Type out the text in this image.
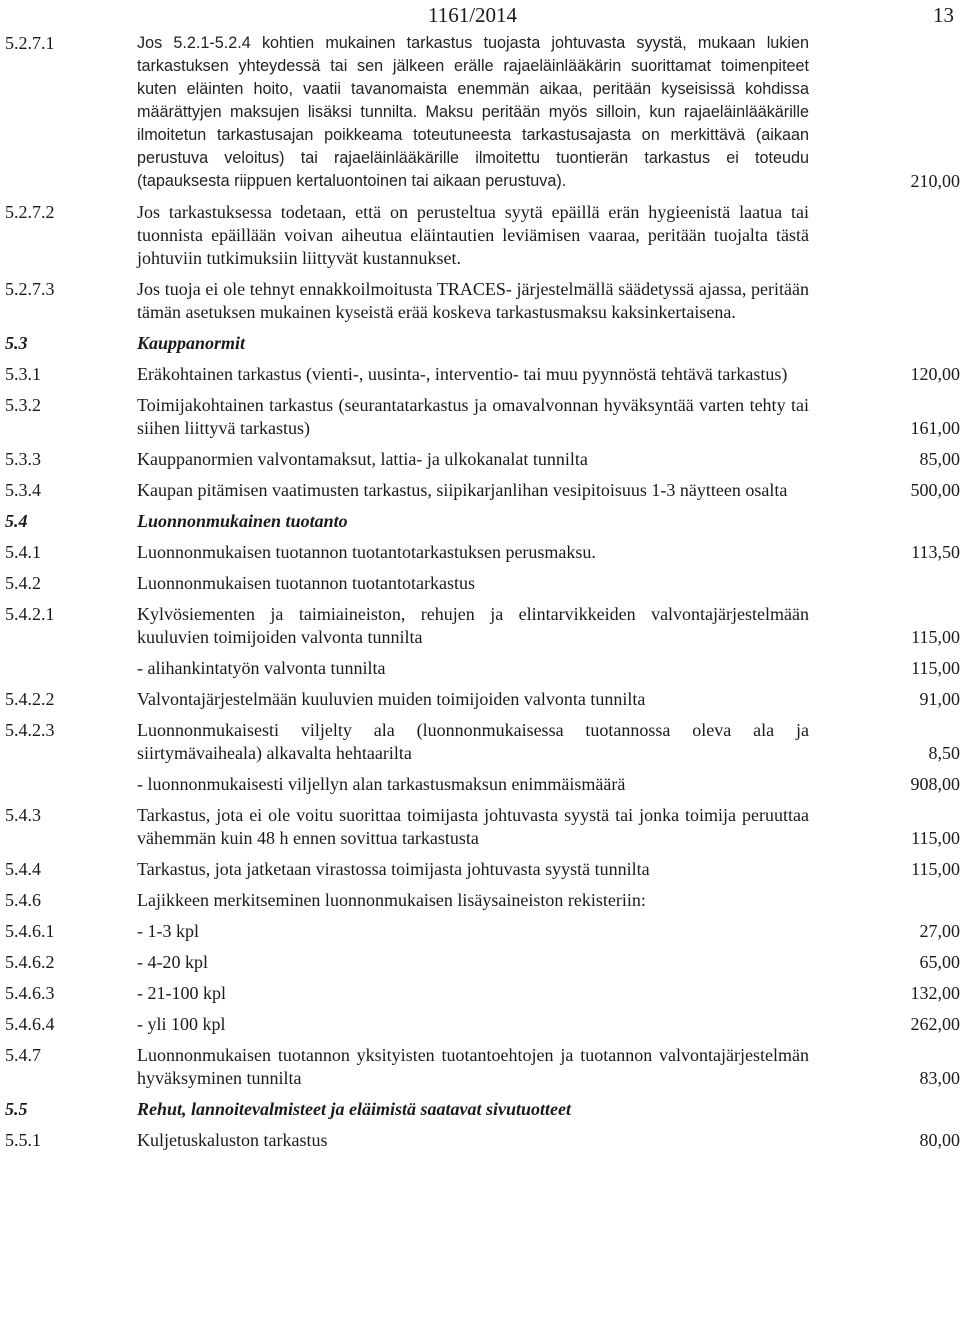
1161/2014	13
5.2.7.1	Jos 5.2.1-5.2.4 kohtien mukainen tarkastus tuojasta johtuvasta syystä, mukaan lukien tarkastuksen yhteydessä tai sen jälkeen erälle rajaeläinlääkärin suorittamat toimenpiteet kuten eläinten hoito, vaatii tavanomaista enemmän aikaa, peritään kyseisissä kohdissa määrättyjen maksujen lisäksi tunnilta. Maksu peritään myös silloin, kun rajaeläinlääkärille ilmoitetun tarkastusajan poikkeama toteutuneesta tarkastusajasta on merkittävä (aikaan perustuva veloitus) tai rajaeläinlääkärille ilmoitettu tuontierän tarkastus ei toteudu (tapauksesta riippuen kertaluontoinen tai aikaan perustuva).	210,00
5.2.7.2	Jos tarkastuksessa todetaan, että on perusteltua syytä epäillä erän hygieenistä laatua tai tuonnista epäillään voivan aiheutua eläintautien leviämisen vaaraa, peritään tuojalta tästä johtuviin tutkimuksiin liittyvät kustannukset.
5.2.7.3	Jos tuoja ei ole tehnyt ennakkoilmoitusta TRACES- järjestelmällä säädetyssä ajassa, peritään tämän asetuksen mukainen kyseistä erää koskeva tarkastusmaksu kaksinkertaisena.
5.3	Kauppanormit
5.3.1	Eräkohtainen tarkastus (vienti-, uusinta-, interventio- tai muu pyynnöstä tehtävä tarkastus)	120,00
5.3.2	Toimijakohtainen tarkastus (seurantatarkastus ja omavalvonnan hyväksyntää varten tehty tai siihen liittyvä tarkastus)	161,00
5.3.3	Kauppanormien valvontamaksut, lattia- ja ulkokanalat tunnilta	85,00
5.3.4	Kaupan pitämisen vaatimusten tarkastus, siipikarjanlihan vesipitoisuus 1-3 näytteen osalta	500,00
5.4	Luonnonmukainen tuotanto
5.4.1	Luonnonmukaisen tuotannon tuotantotarkastuksen perusmaksu.	113,50
5.4.2	Luonnonmukaisen tuotannon tuotantotarkastus
5.4.2.1	Kylvösiementen ja taimiaineiston, rehujen ja elintarvikkeiden valvontajärjestelmään kuuluvien toimijoiden valvonta tunnilta	115,00
- alihankintatyön valvonta tunnilta	115,00
5.4.2.2	Valvontajärjestelmään kuuluvien muiden toimijoiden valvonta tunnilta	91,00
5.4.2.3	Luonnonmukaisesti viljelty ala (luonnonmukaisessa tuotannossa oleva ala ja siirtymävaiheala) alkavalta hehtaarilta	8,50
- luonnonmukaisesti viljellyn alan tarkastusmaksun enimmäismäärä	908,00
5.4.3	Tarkastus, jota ei ole voitu suorittaa toimijasta johtuvasta syystä tai jonka toimija peruuttaa vähemmän kuin 48 h ennen sovittua tarkastusta	115,00
5.4.4	Tarkastus, jota jatketaan virastossa toimijasta johtuvasta syystä tunnilta	115,00
5.4.6	Lajikkeen merkitseminen luonnonmukaisen lisäysaineiston rekisteriin:
5.4.6.1	- 1-3 kpl	27,00
5.4.6.2	- 4-20 kpl	65,00
5.4.6.3	- 21-100 kpl	132,00
5.4.6.4	- yli 100 kpl	262,00
5.4.7	Luonnonmukaisen tuotannon yksityisten tuotantoehtojen ja tuotannon valvontajärjestelmän hyväksyminen tunnilta	83,00
5.5	Rehut, lannoitevalmisteet ja eläimistä saatavat sivutuotteet
5.5.1	Kuljetuskaluston tarkastus	80,00
